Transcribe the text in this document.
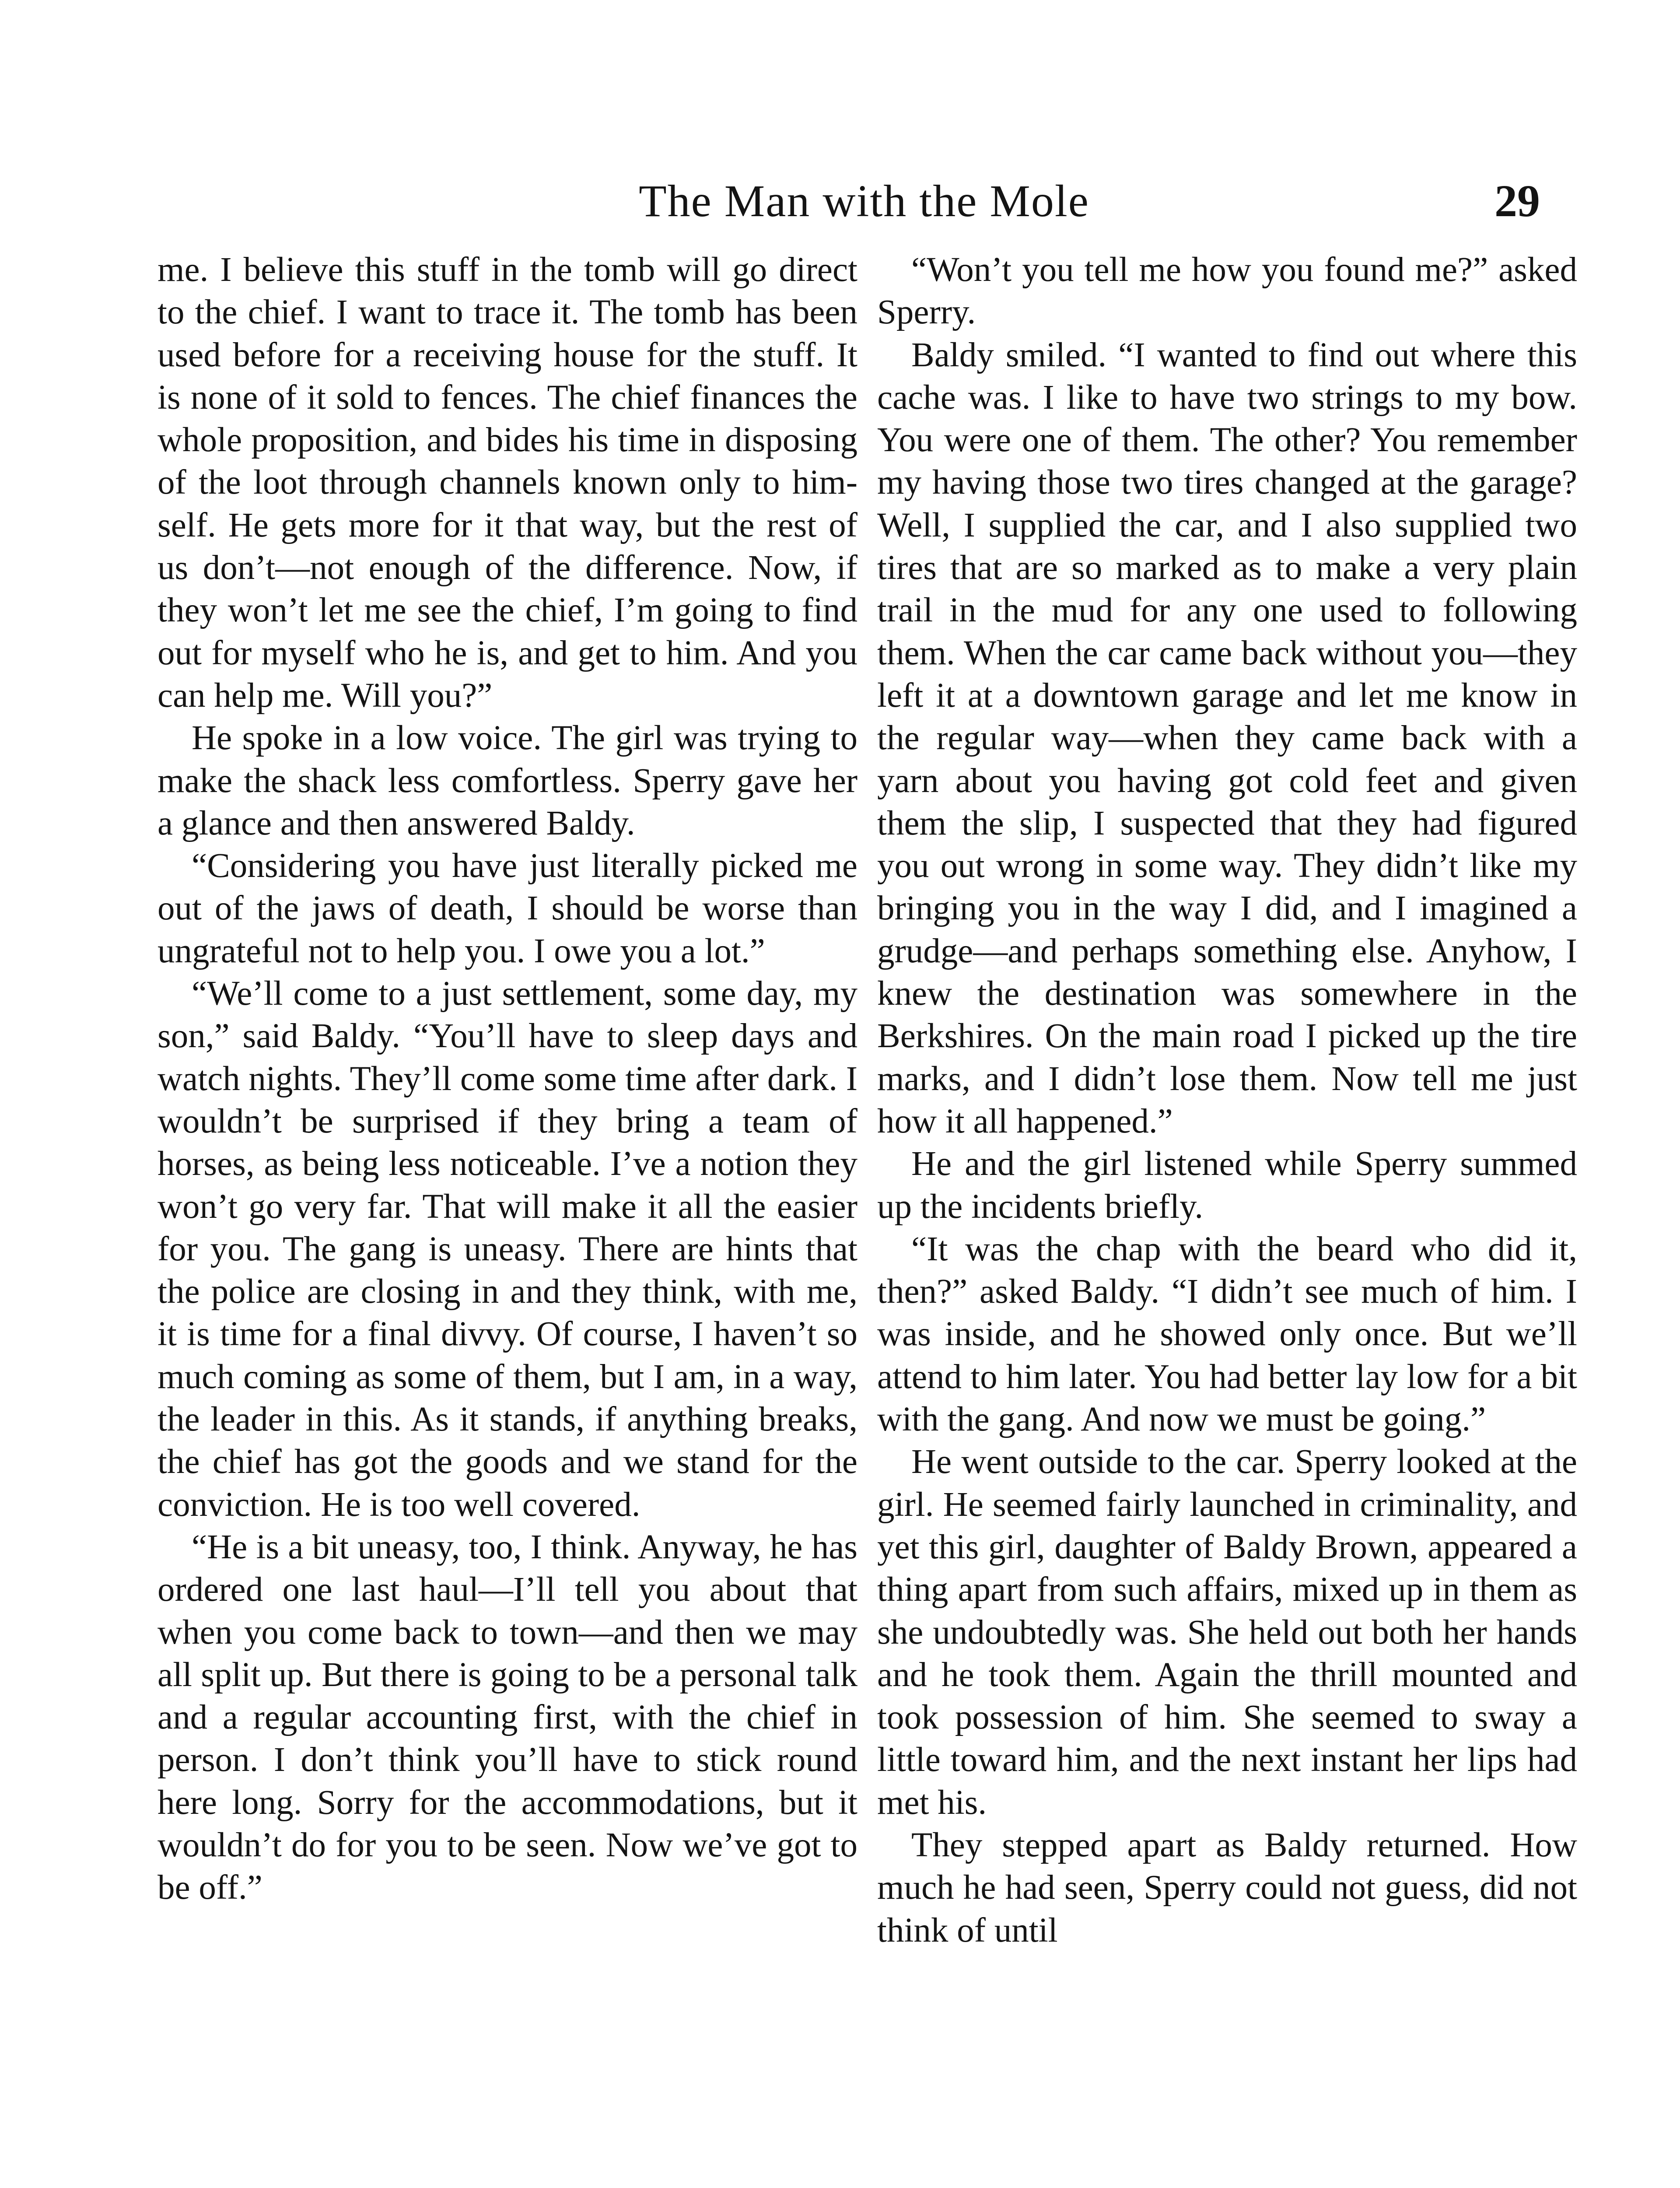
The Man with the Mole	29

me. I believe this stuff in the tomb will go direct to the chief. I want to trace it. The tomb has been used before for a receiving house for the stuff. It is none of it sold to fences. The chief finances the whole proposition, and bides his time in disposing of the loot through channels known only to himself. He gets more for it that way, but the rest of us don’t—not enough of the difference. Now, if they won’t let me see the chief, I’m going to find out for myself who he is, and get to him. And you can help me. Will you?”

He spoke in a low voice. The girl was trying to make the shack less comfortless. Sperry gave her a glance and then answered Baldy.

“Considering you have just literally picked me out of the jaws of death, I should be worse than ungrateful not to help you. I owe you a lot.”

“We’ll come to a just settlement, some day, my son,” said Baldy. “You’ll have to sleep days and watch nights. They’ll come some time after dark. I wouldn’t be surprised if they bring a team of horses, as being less noticeable. I’ve a notion they won’t go very far. That will make it all the easier for you. The gang is uneasy. There are hints that the police are closing in and they think, with me, it is time for a final divvy. Of course, I haven’t so much coming as some of them, but I am, in a way, the leader in this. As it stands, if anything breaks, the chief has got the goods and we stand for the conviction. He is too well covered.

“He is a bit uneasy, too, I think. Anyway, he has ordered one last haul—I’ll tell you about that when you come back to town—and then we may all split up. But there is going to be a personal talk and a regular accounting first, with the chief in person. I don’t think you’ll have to stick round here long. Sorry for the accommodations, but it wouldn’t do for you to be seen. Now we’ve got to be off.”

“Won’t you tell me how you found me?” asked Sperry.

Baldy smiled. “I wanted to find out where this cache was. I like to have two strings to my bow. You were one of them. The other? You remember my having those two tires changed at the garage? Well, I supplied the car, and I also supplied two tires that are so marked as to make a very plain trail in the mud for any one used to following them. When the car came back without you—they left it at a downtown garage and let me know in the regular way—when they came back with a yarn about you having got cold feet and given them the slip, I suspected that they had figured you out wrong in some way. They didn’t like my bringing you in the way I did, and I imagined a grudge—and perhaps something else. Anyhow, I knew the destination was somewhere in the Berkshires. On the main road I picked up the tire marks, and I didn’t lose them. Now tell me just how it all happened.”

He and the girl listened while Sperry summed up the incidents briefly.

“It was the chap with the beard who did it, then?” asked Baldy. “I didn’t see much of him. I was inside, and he showed only once. But we’ll attend to him later. You had better lay low for a bit with the gang. And now we must be going.”

He went outside to the car. Sperry looked at the girl. He seemed fairly launched in criminality, and yet this girl, daughter of Baldy Brown, appeared a thing apart from such affairs, mixed up in them as she undoubtedly was. She held out both her hands and he took them. Again the thrill mounted and took possession of him. She seemed to sway a little toward him, and the next instant her lips had met his.

They stepped apart as Baldy returned. How much he had seen, Sperry could not guess, did not think of until
